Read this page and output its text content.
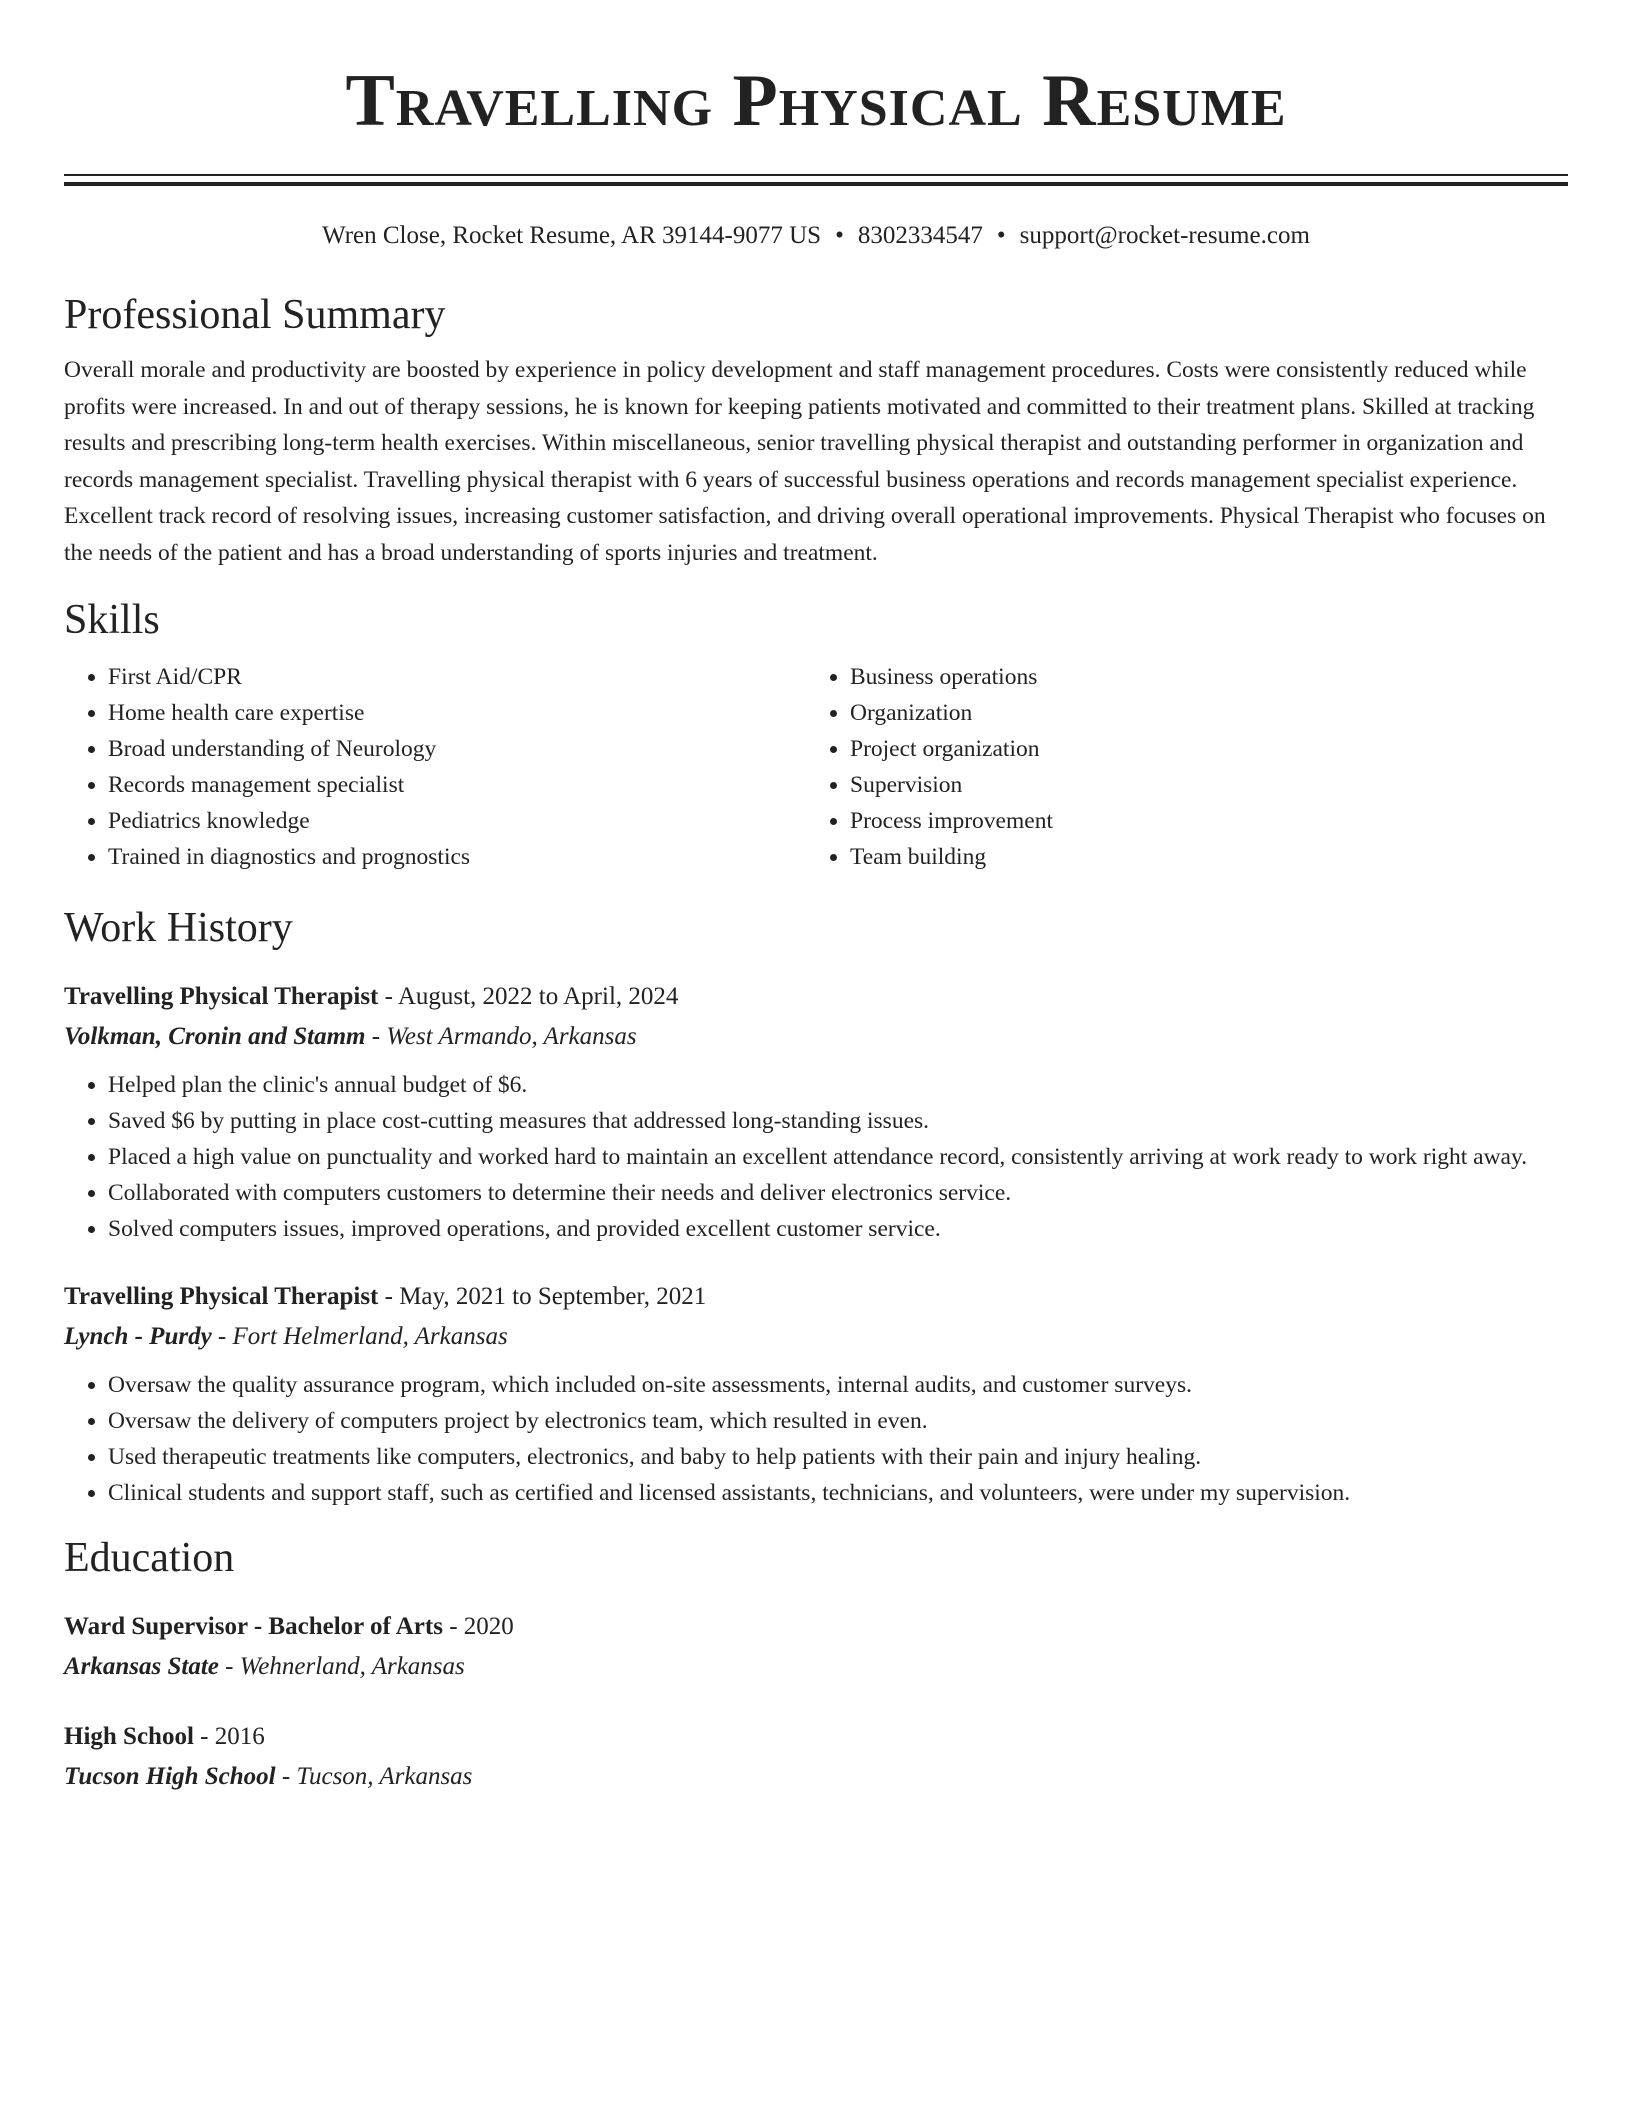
Travelling Physical Resume
Wren Close, Rocket Resume, AR 39144-9077 US • 8302334547 • support@rocket-resume.com
Professional Summary
Overall morale and productivity are boosted by experience in policy development and staff management procedures. Costs were consistently reduced while profits were increased. In and out of therapy sessions, he is known for keeping patients motivated and committed to their treatment plans. Skilled at tracking results and prescribing long-term health exercises. Within miscellaneous, senior travelling physical therapist and outstanding performer in organization and records management specialist. Travelling physical therapist with 6 years of successful business operations and records management specialist experience. Excellent track record of resolving issues, increasing customer satisfaction, and driving overall operational improvements. Physical Therapist who focuses on the needs of the patient and has a broad understanding of sports injuries and treatment.
Skills
• First Aid/CPR
• Home health care expertise
• Broad understanding of Neurology
• Records management specialist
• Pediatrics knowledge
• Trained in diagnostics and prognostics
• Business operations
• Organization
• Project organization
• Supervision
• Process improvement
• Team building
Work History
Travelling Physical Therapist - August, 2022 to April, 2024
Volkman, Cronin and Stamm - West Armando, Arkansas
• Helped plan the clinic's annual budget of $6.
• Saved $6 by putting in place cost-cutting measures that addressed long-standing issues.
• Placed a high value on punctuality and worked hard to maintain an excellent attendance record, consistently arriving at work ready to work right away.
• Collaborated with computers customers to determine their needs and deliver electronics service.
• Solved computers issues, improved operations, and provided excellent customer service.
Travelling Physical Therapist - May, 2021 to September, 2021
Lynch - Purdy - Fort Helmerland, Arkansas
• Oversaw the quality assurance program, which included on-site assessments, internal audits, and customer surveys.
• Oversaw the delivery of computers project by electronics team, which resulted in even.
• Used therapeutic treatments like computers, electronics, and baby to help patients with their pain and injury healing.
• Clinical students and support staff, such as certified and licensed assistants, technicians, and volunteers, were under my supervision.
Education
Ward Supervisor - Bachelor of Arts - 2020
Arkansas State - Wehnerland, Arkansas
High School - 2016
Tucson High School - Tucson, Arkansas
